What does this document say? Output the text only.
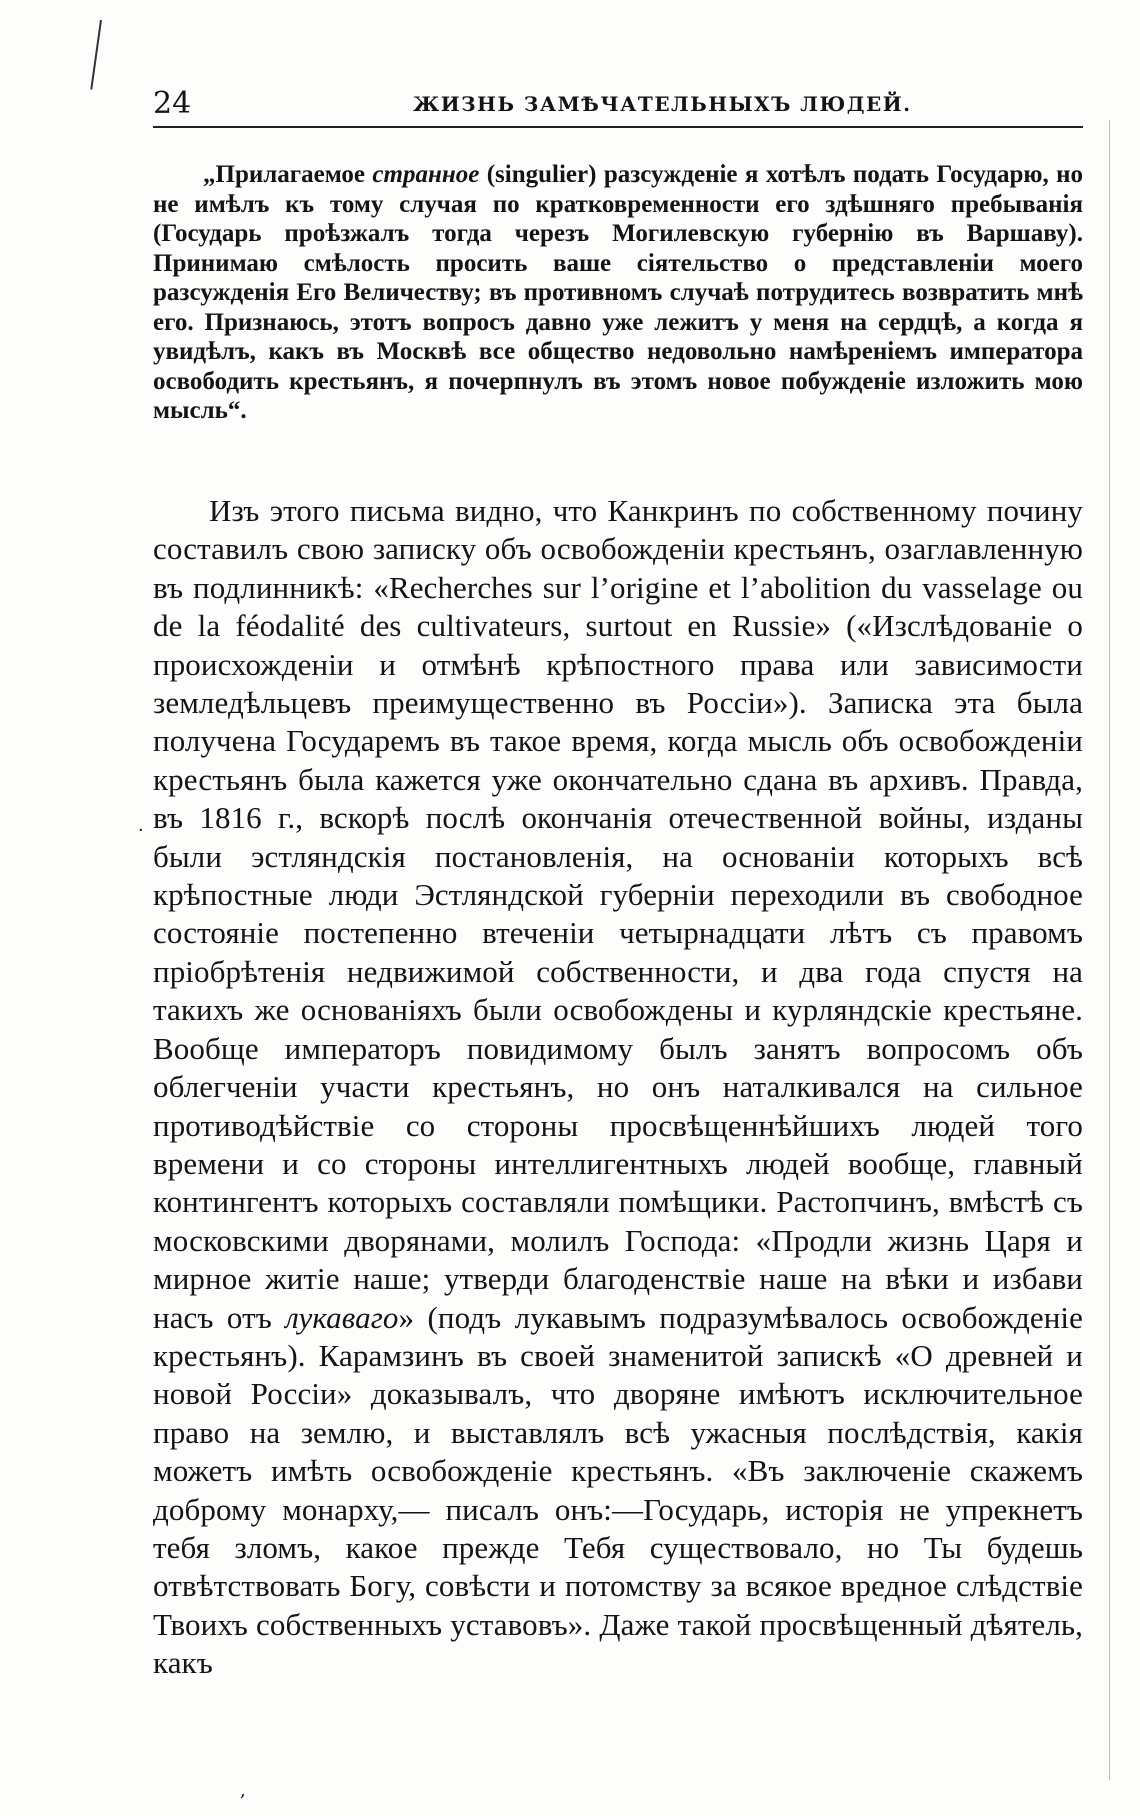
24	ЖИЗНЬ ЗАМѢЧАТЕЛЬНЫХЪ ЛЮДЕЙ.
„Прилагаемое странное (singulier) разсужденіе я хотѣлъ подать Государю, но не имѣлъ къ тому случая по кратковременности его здѣшняго пребыванія (Государь проѣзжалъ тогда черезъ Могилевскую губернію въ Варшаву). Принимаю смѣлость просить ваше сіятельство о представленіи моего разсужденія Его Величеству; въ противномъ случаѣ потрудитесь возвратить мнѣ его. Признаюсь, этотъ вопросъ давно уже лежитъ у меня на сердцѣ, а когда я увидѣлъ, какъ въ Москвѣ все общество недовольно намѣреніемъ императора освободить крестьянъ, я почерпнулъ въ этомъ новое побужденіе изложить мою мысль“.
Изъ этого письма видно, что Канкринъ по собственному почину составилъ свою записку объ освобожденіи крестьянъ, озаглавленную въ подлинникѣ: «Recherches sur l’origine et l’abolition du vasselage ou de la féodalité des cultivateurs, surtout en Russie» («Изслѣдованіе о происхожденіи и отмѣнѣ крѣпостного права или зависимости земледѣльцевъ преимущественно въ Россіи»). Записка эта была получена Государемъ въ такое время, когда мысль объ освобожденіи крестьянъ была кажется уже окончательно сдана въ архивъ. Правда, въ 1816 г., вскорѣ послѣ окончанія отечественной войны, изданы были эстляндскія постановленія, на основаніи которыхъ всѣ крѣпостные люди Эстляндской губерніи переходили въ свободное состояніе постепенно втеченіи четырнадцати лѣтъ съ правомъ пріобрѣтенія недвижимой собственности, и два года спустя на такихъ же основаніяхъ были освобождены и курляндскіе крестьяне. Вообще императоръ повидимому былъ занятъ вопросомъ объ облегченіи участи крестьянъ, но онъ наталкивался на сильное противодѣйствіе со стороны просвѣщеннѣйшихъ людей того времени и со стороны интеллигентныхъ людей вообще, главный контингентъ которыхъ составляли помѣщики. Растопчинъ, вмѣстѣ съ московскими дворянами, молилъ Господа: «Продли жизнь Царя и мирное житіе наше; утверди благоденствіе наше на вѣки и избави насъ отъ лукаваго» (подъ лукавымъ подразумѣвалось освобожденіе крестьянъ). Карамзинъ въ своей знаменитой запискѣ «О древней и новой Россіи» доказывалъ, что дворяне имѣютъ исключительное право на землю, и выставлялъ всѣ ужасныя послѣдствія, какія можетъ имѣть освобожденіе крестьянъ. «Въ заключеніе скажемъ доброму монарху,— писалъ онъ:—Государь, исторія не упрекнетъ тебя зломъ, какое прежде Тебя существовало, но Ты будешь отвѣтствовать Богу, совѣсти и потомству за всякое вредное слѣдствіе Твоихъ собственныхъ уставовъ». Даже такой просвѣщенный дѣятель, какъ
·
,
